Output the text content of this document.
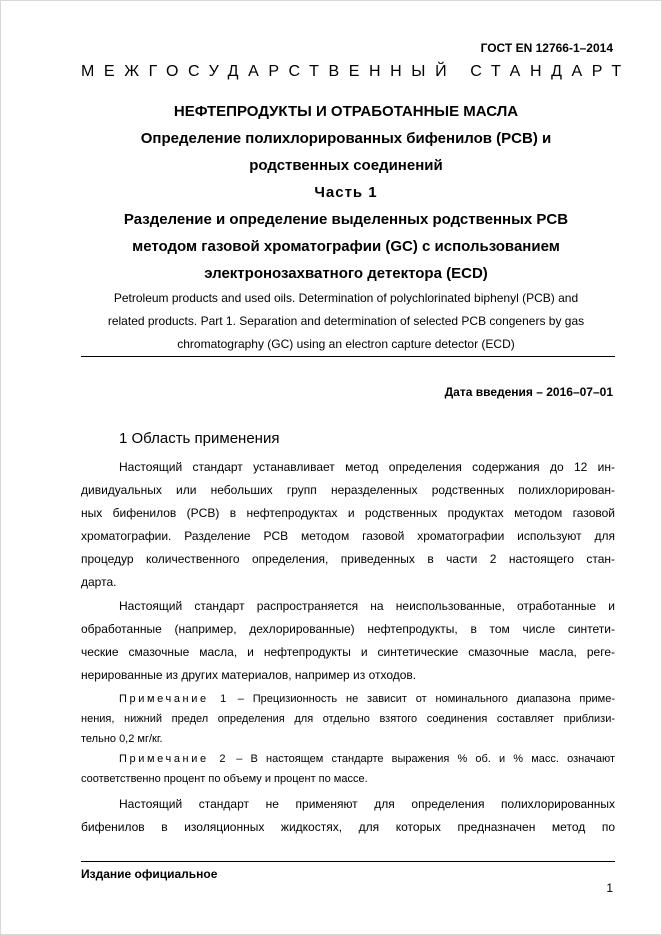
ГОСТ EN 12766-1–2014
МЕЖГОСУДАРСТВЕННЫЙ СТАНДАРТ
НЕФТЕПРОДУКТЫ И ОТРАБОТАННЫЕ МАСЛА
Определение полихлорированных бифенилов (PCB) и
родственных соединений
Часть 1
Разделение и определение выделенных родственных PCB
методом газовой хроматографии (GC) с использованием
электронозахватного детектора (ECD)
Petroleum products and used oils. Determination of polychlorinated biphenyl (PCB) and
related products. Part 1. Separation and determination of selected PCB congeners by gas
chromatography (GC) using an electron capture detector (ECD)
Дата введения – 2016–07–01
1 Область применения
Настоящий стандарт устанавливает метод определения содержания до 12 ин-
дивидуальных или небольших групп неразделенных родственных полихлорирован-
ных бифенилов (PCB) в нефтепродуктах и родственных продуктах методом газовой
хроматографии. Разделение PCB методом газовой хроматографии используют для
процедур количественного определения, приведенных в части 2 настоящего стан-
дарта.
Настоящий стандарт распространяется на неиспользованные, отработанные и
обработанные (например, дехлорированные) нефтепродукты, в том числе синтети-
ческие смазочные масла, и нефтепродукты и синтетические смазочные масла, реге-
нерированные из других материалов, например из отходов.
Примечание 1 – Прецизионность не зависит от номинального диапазона приме-
нения, нижний предел определения для отдельно взятого соединения составляет приблизи-
тельно 0,2 мг/кг.
Примечание 2 – В настоящем стандарте выражения % об. и % масс. означают
соответственно процент по объему и процент по массе.
Настоящий стандарт не применяют для определения полихлорированных
бифенилов в изоляционных жидкостях, для которых предназначен метод по
Издание официальное
1
